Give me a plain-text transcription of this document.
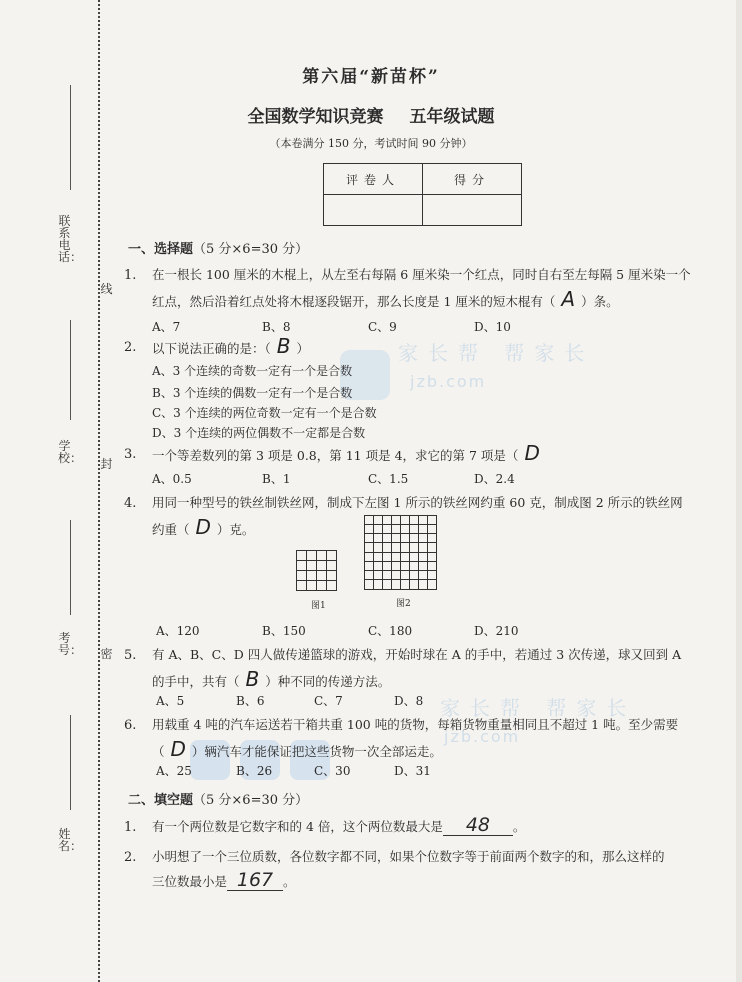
联系电话：
学校：
考号：
姓名：
线
封
密
第六届“新苗杯”
全国数学知识竞赛 五年级试题
（本卷满分 150 分，考试时间 90 分钟）
评卷人	得分

家长帮 帮家长
jzb.com
家长帮 帮家长
jzb.com
一、选择题（5 分×6=30 分）
1. 在一根长 100 厘米的木棍上，从左至右每隔 6 厘米染一个红点，同时自右至左每隔 5 厘米染一个
红点，然后沿着红点处将木棍逐段锯开，那么长度是 1 厘米的短木棍有（ A ）条。
A、7	B、8	C、9	D、10
2. 以下说法正确的是：（ B ）
A、3 个连续的奇数一定有一个是合数
B、3 个连续的偶数一定有一个是合数
C、3 个连续的两位奇数一定有一个是合数
D、3 个连续的两位偶数不一定都是合数
3. 一个等差数列的第 3 项是 0.8，第 11 项是 4，求它的第 7 项是（ D
A、0.5	B、1	C、1.5	D、2.4
4. 用同一种型号的铁丝制铁丝网，制成下左图 1 所示的铁丝网约重 60 克，制成图 2 所示的铁丝网
约重（ D ）克。
图1	图2
A、120	B、150	C、180	D、210
5. 有 A、B、C、D 四人做传递篮球的游戏，开始时球在 A 的手中，若通过 3 次传递，球又回到 A
的手中，共有（ B ）种不同的传递方法。
A、5	B、6	C、7	D、8
6. 用载重 4 吨的汽车运送若干箱共重 100 吨的货物，每箱货物重量相同且不超过 1 吨。至少需要
（ D ）辆汽车才能保证把这些货物一次全部运走。
A、25	B、26	C、30	D、31
二、填空题（5 分×6=30 分）
1. 有一个两位数是它数字和的 4 倍，这个两位数最大是 48 。
2. 小明想了一个三位质数，各位数字都不同，如果个位数字等于前面两个数字的和，那么这样的
三位数最小是 167 。
